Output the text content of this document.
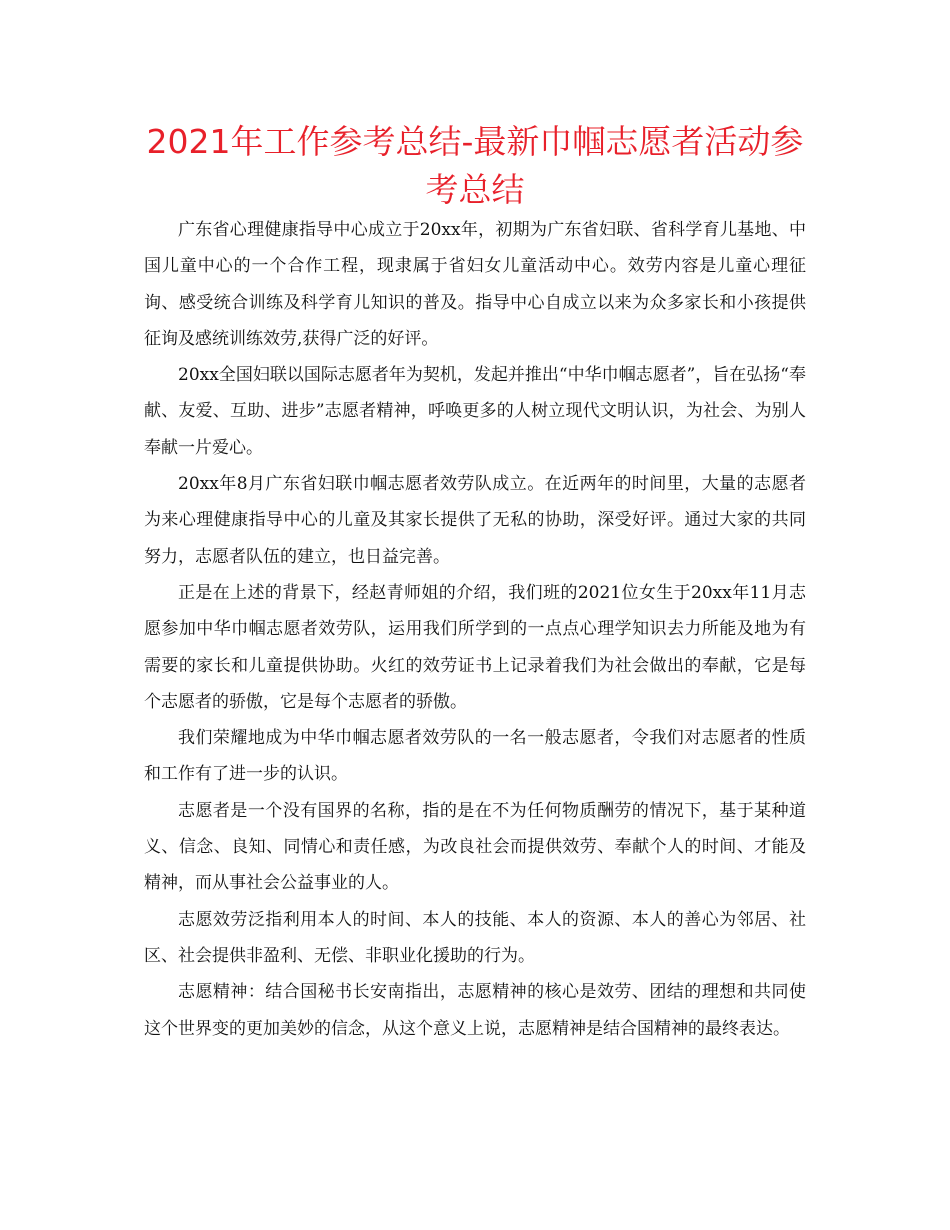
2021年工作参考总结-最新巾帼志愿者活动参考总结

广东省心理健康指导中心成立于20xx年，初期为广东省妇联、省科学育儿基地、中国儿童中心的一个合作工程，现隶属于省妇女儿童活动中心。效劳内容是儿童心理征询、感受统合训练及科学育儿知识的普及。指导中心自成立以来为众多家长和小孩提供征询及感统训练效劳,获得广泛的好评。

20xx全国妇联以国际志愿者年为契机，发起并推出“中华巾帼志愿者”，旨在弘扬“奉献、友爱、互助、进步”志愿者精神，呼唤更多的人树立现代文明认识，为社会、为别人奉献一片爱心。

20xx年8月广东省妇联巾帼志愿者效劳队成立。在近两年的时间里，大量的志愿者为来心理健康指导中心的儿童及其家长提供了无私的协助，深受好评。通过大家的共同努力，志愿者队伍的建立，也日益完善。

正是在上述的背景下，经赵青师姐的介绍，我们班的2021位女生于20xx年11月志愿参加中华巾帼志愿者效劳队，运用我们所学到的一点点心理学知识去力所能及地为有需要的家长和儿童提供协助。火红的效劳证书上记录着我们为社会做出的奉献，它是每个志愿者的骄傲，它是每个志愿者的骄傲。

我们荣耀地成为中华巾帼志愿者效劳队的一名一般志愿者，令我们对志愿者的性质和工作有了进一步的认识。

志愿者是一个没有国界的名称，指的是在不为任何物质酬劳的情况下，基于某种道义、信念、良知、同情心和责任感，为改良社会而提供效劳、奉献个人的时间、才能及精神，而从事社会公益事业的人。

志愿效劳泛指利用本人的时间、本人的技能、本人的资源、本人的善心为邻居、社区、社会提供非盈利、无偿、非职业化援助的行为。

志愿精神：结合国秘书长安南指出，志愿精神的核心是效劳、团结的理想和共同使这个世界变的更加美妙的信念，从这个意义上说，志愿精神是结合国精神的最终表达。
